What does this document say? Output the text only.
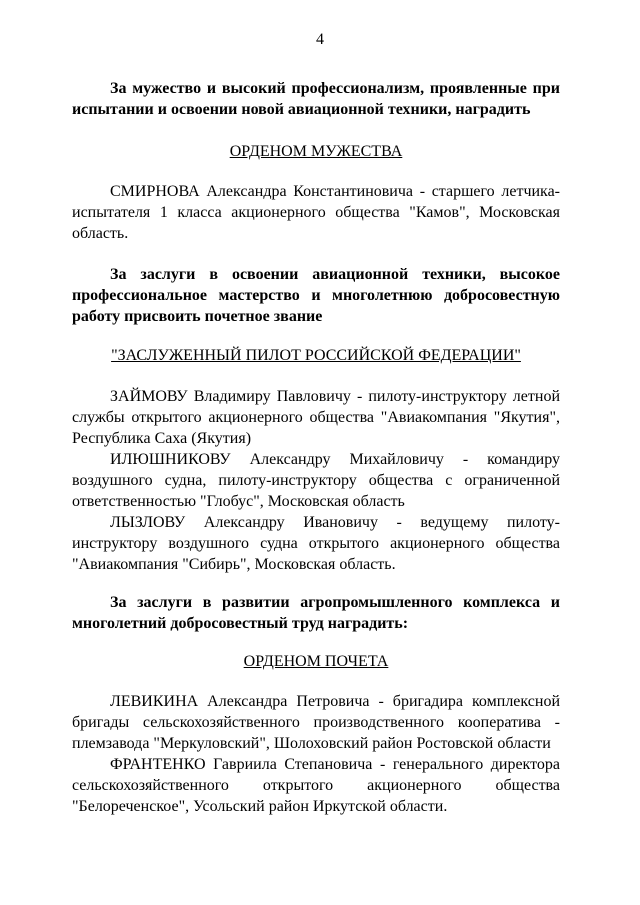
4

За мужество и высокий профессионализм, проявленные при испытании и освоении новой авиационной техники, наградить

ОРДЕНОМ МУЖЕСТВА

СМИРНОВА Александра Константиновича - старшего летчика-испытателя 1 класса акционерного общества "Камов", Московская область.

За заслуги в освоении авиационной техники, высокое профессиональное мастерство и многолетнюю добросовестную работу присвоить почетное звание

"ЗАСЛУЖЕННЫЙ ПИЛОТ РОССИЙСКОЙ ФЕДЕРАЦИИ"

ЗАЙМОВУ Владимиру Павловичу - пилоту-инструктору летной службы открытого акционерного общества "Авиакомпания "Якутия", Республика Саха (Якутия)

ИЛЮШНИКОВУ Александру Михайловичу - командиру воздушного судна, пилоту-инструктору общества с ограниченной ответственностью "Глобус", Московская область

ЛЫЗЛОВУ Александру Ивановичу - ведущему пилоту-инструктору воздушного судна открытого акционерного общества "Авиакомпания "Сибирь", Московская область.

За заслуги в развитии агропромышленного комплекса и многолетний добросовестный труд наградить:

ОРДЕНОМ ПОЧЕТА

ЛЕВИКИНА Александра Петровича - бригадира комплексной бригады сельскохозяйственного производственного кооператива - племзавода "Меркуловский", Шолоховский район Ростовской области

ФРАНТЕНКО Гавриила Степановича - генерального директора сельскохозяйственного открытого акционерного общества "Белореченское", Усольский район Иркутской области.
